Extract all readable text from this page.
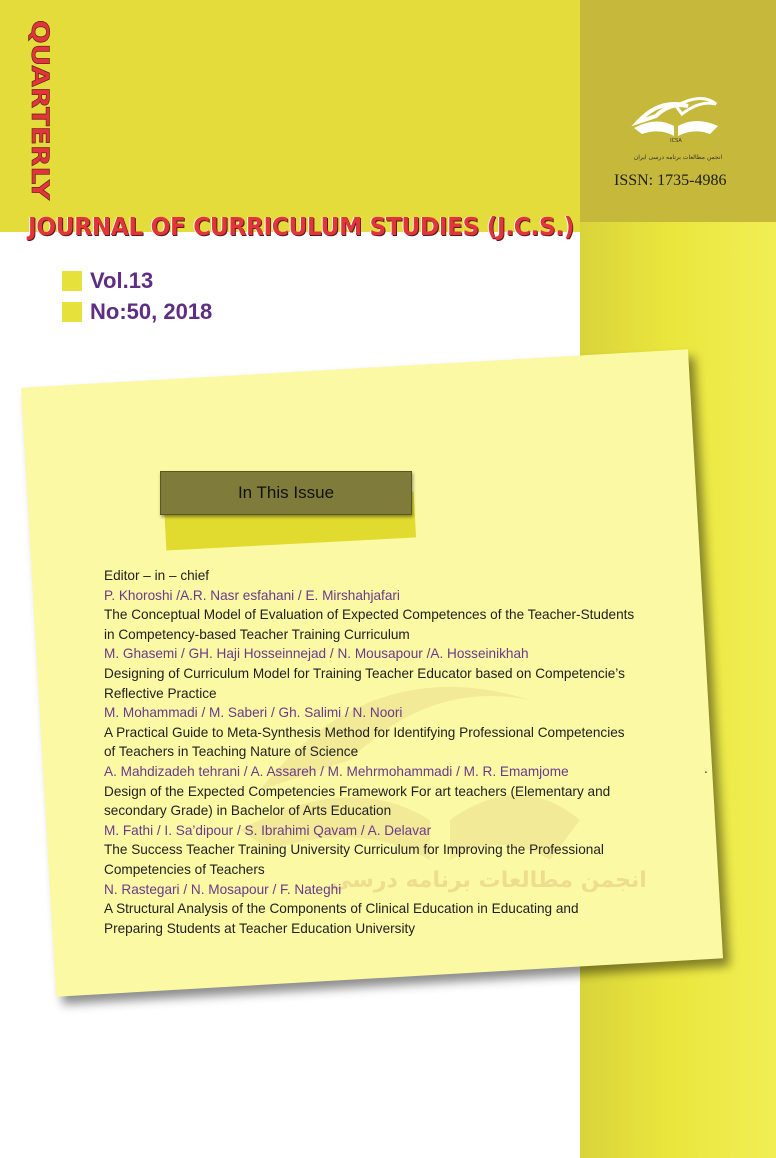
QUARTERLY
JOURNAL OF CURRICULUM STUDIES (J.C.S.)
ICSA
انجمن مطالعات برنامه درسی ایران
ISSN: 1735-4986
Vol.13
No:50, 2018
انجمن مطالعات برنامه درسی
In This Issue
Editor – in – chief
P. Khoroshi /A.R. Nasr esfahani / E. Mirshahjafari
The Conceptual Model of Evaluation of Expected Competences of the Teacher-Students
in Competency-based Teacher Training Curriculum
M. Ghasemi / GH. Haji Hosseinnejad / N. Mousapour /A. Hosseinikhah
Designing of Curriculum Model for Training Teacher Educator based on Competencie’s
Reflective Practice
M. Mohammadi / M. Saberi / Gh. Salimi / N. Noori
A Practical Guide to Meta-Synthesis Method for Identifying Professional Competencies
of Teachers in Teaching Nature of Science
A. Mahdizadeh tehrani / A. Assareh / M. Mehrmohammadi / M. R. Emamjome
Design of the Expected Competencies Framework For art teachers (Elementary and
secondary Grade) in Bachelor of Arts Education
M. Fathi / I. Sa’dipour / S. Ibrahimi Qavam / A. Delavar
The Success Teacher Training University Curriculum for Improving the Professional
Competencies of Teachers
N. Rastegari / N. Mosapour / F. Nateghi
A Structural Analysis of the Components of Clinical Education in Educating and
Preparing Students at Teacher Education University
.
